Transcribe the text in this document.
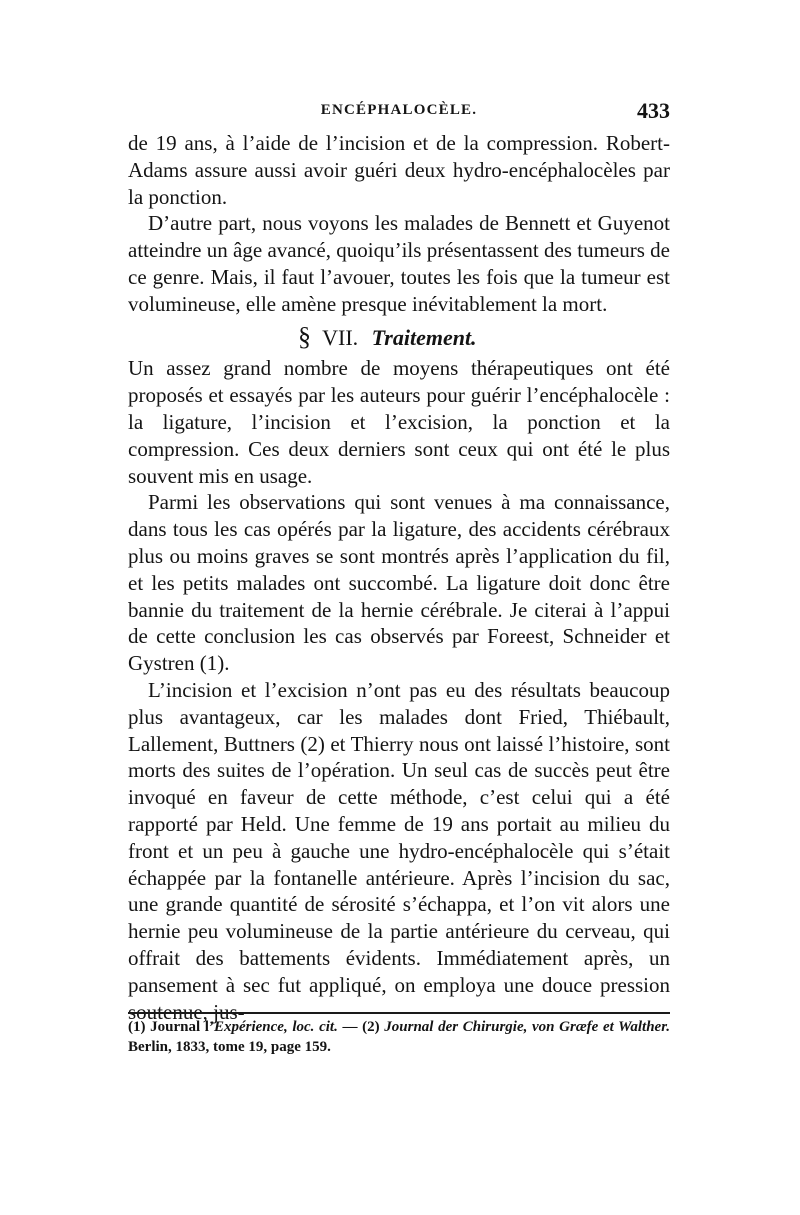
ENCÉPHALOCÈLE.	433

de 19 ans, à l’aide de l’incision et de la compression. Robert-Adams assure aussi avoir guéri deux hydro-encéphalocèles par la ponction.

D’autre part, nous voyons les malades de Bennett et Guyenot atteindre un âge avancé, quoiqu’ils présentassent des tumeurs de ce genre. Mais, il faut l’avouer, toutes les fois que la tumeur est volumineuse, elle amène presque inévitablement la mort.

§ VII. Traitement.

Un assez grand nombre de moyens thérapeutiques ont été proposés et essayés par les auteurs pour guérir l’encéphalocèle : la ligature, l’incision et l’excision, la ponction et la compression. Ces deux derniers sont ceux qui ont été le plus souvent mis en usage.

Parmi les observations qui sont venues à ma connaissance, dans tous les cas opérés par la ligature, des accidents cérébraux plus ou moins graves se sont montrés après l’application du fil, et les petits malades ont succombé. La ligature doit donc être bannie du traitement de la hernie cérébrale. Je citerai à l’appui de cette conclusion les cas observés par Foreest, Schneider et Gystren (1).

L’incision et l’excision n’ont pas eu des résultats beaucoup plus avantageux, car les malades dont Fried, Thiébault, Lallement, Buttners (2) et Thierry nous ont laissé l’histoire, sont morts des suites de l’opération. Un seul cas de succès peut être invoqué en faveur de cette méthode, c’est celui qui a été rapporté par Held. Une femme de 19 ans portait au milieu du front et un peu à gauche une hydro-encéphalocèle qui s’était échappée par la fontanelle antérieure. Après l’incision du sac, une grande quantité de sérosité s’échappa, et l’on vit alors une hernie peu volumineuse de la partie antérieure du cerveau, qui offrait des battements évidents. Immédiatement après, un pansement à sec fut appliqué, on employa une douce pression soutenue, jus-

(1) Journal l’Expérience, loc. cit. — (2) Journal der Chirurgie, von Græfe et Walther. Berlin, 1833, tome 19, page 159.
